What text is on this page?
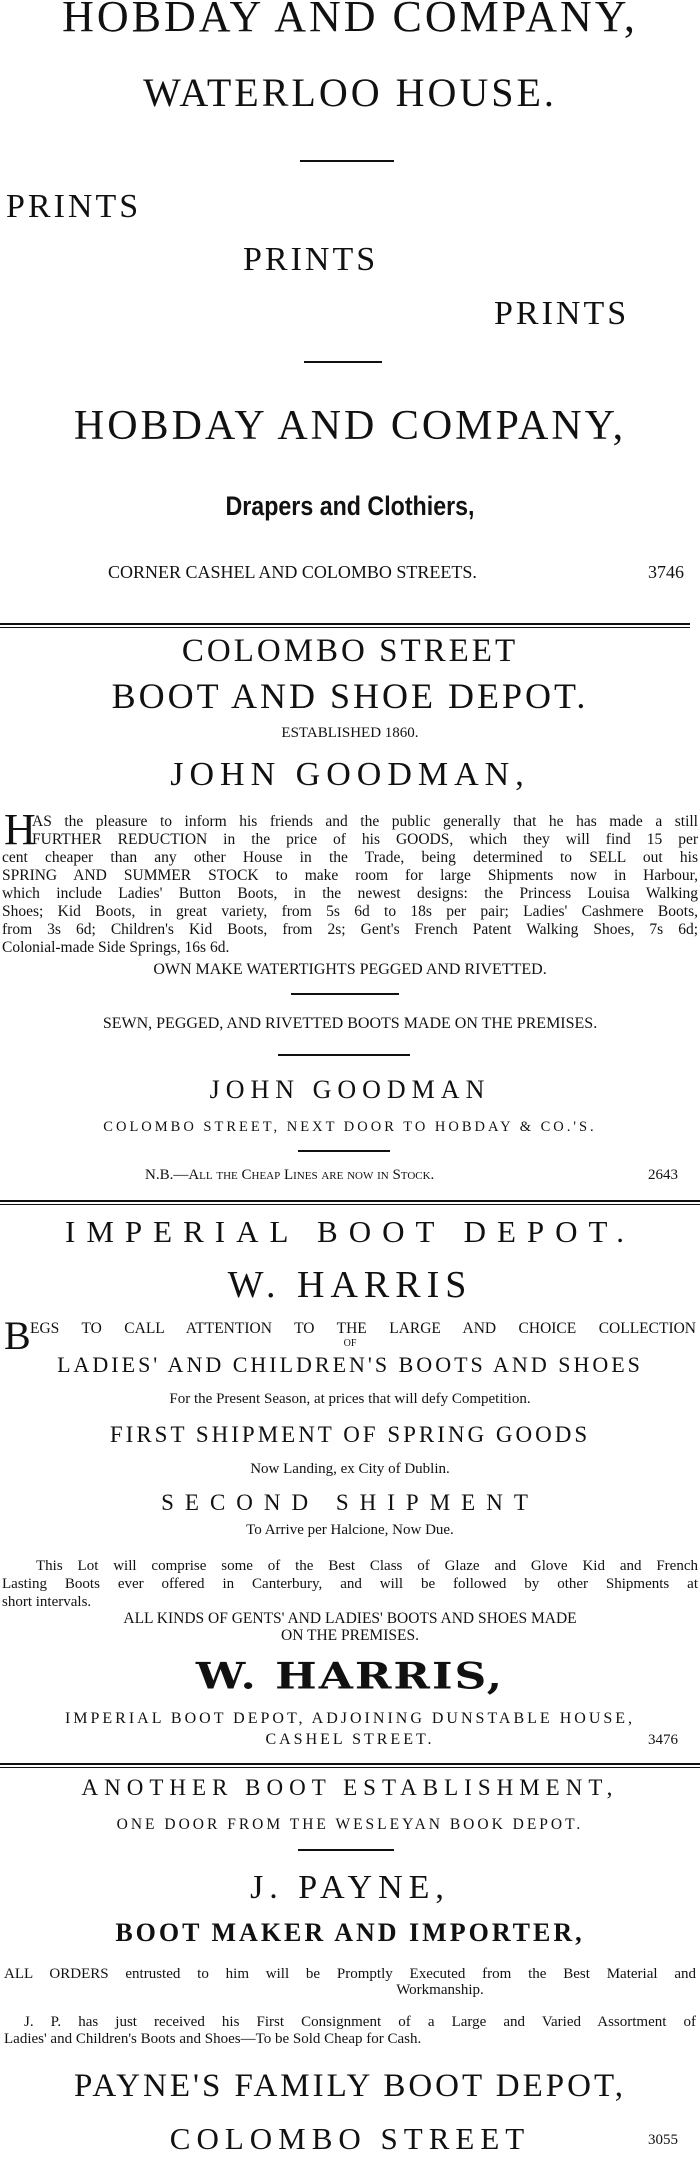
HOBDAY AND COMPANY,

WATERLOO HOUSE.

PRINTS

PRINTS

PRINTS

HOBDAY AND COMPANY,

Drapers and Clothiers,

CORNER CASHEL AND COLOMBO STREETS.	3746

COLOMBO STREET

BOOT AND SHOE DEPOT.

ESTABLISHED 1860.

JOHN GOODMAN,

H
AS the pleasure to inform his friends and the public generally that he has made a still
FURTHER REDUCTION in the price of his GOODS, which they will find 15 per
cent cheaper than any other House in the Trade, being determined to SELL out his
SPRING AND SUMMER STOCK to make room for large Shipments now in Harbour,
which include Ladies' Button Boots, in the newest designs: the Princess Louisa Walking
Shoes; Kid Boots, in great variety, from 5s 6d to 18s per pair; Ladies' Cashmere Boots,
from 3s 6d; Children's Kid Boots, from 2s; Gent's French Patent Walking Shoes, 7s 6d;
Colonial-made Side Springs, 16s 6d.

OWN MAKE WATERTIGHTS PEGGED AND RIVETTED.

SEWN, PEGGED, AND RIVETTED BOOTS MADE ON THE PREMISES.

JOHN GOODMAN

COLOMBO STREET, NEXT DOOR TO HOBDAY & CO.'S.

N.B.—All the Cheap Lines are now in Stock.	2643

IMPERIAL BOOT DEPOT.

W. HARRIS

B EGS TO CALL ATTENTION TO THE LARGE AND CHOICE COLLECTION

OF

LADIES' AND CHILDREN'S BOOTS AND SHOES

For the Present Season, at prices that will defy Competition.

FIRST SHIPMENT OF SPRING GOODS

Now Landing, ex City of Dublin.

SECOND SHIPMENT

To Arrive per Halcione, Now Due.

This Lot will comprise some of the Best Class of Glaze and Glove Kid and French
Lasting Boots ever offered in Canterbury, and will be followed by other Shipments at
short intervals.

ALL KINDS OF GENTS' AND LADIES' BOOTS AND SHOES MADE

ON THE PREMISES.

W. HARRIS,

IMPERIAL BOOT DEPOT, ADJOINING DUNSTABLE HOUSE,

CASHEL STREET.	3476

ANOTHER BOOT ESTABLISHMENT,

ONE DOOR FROM THE WESLEYAN BOOK DEPOT.

J. PAYNE,

BOOT MAKER AND IMPORTER,

ALL ORDERS entrusted to him will be Promptly Executed from the Best Material and

Workmanship.

J. P. has just received his First Consignment of a Large and Varied Assortment of

Ladies' and Children's Boots and Shoes—To be Sold Cheap for Cash.

PAYNE'S FAMILY BOOT DEPOT,

COLOMBO STREET	3055
